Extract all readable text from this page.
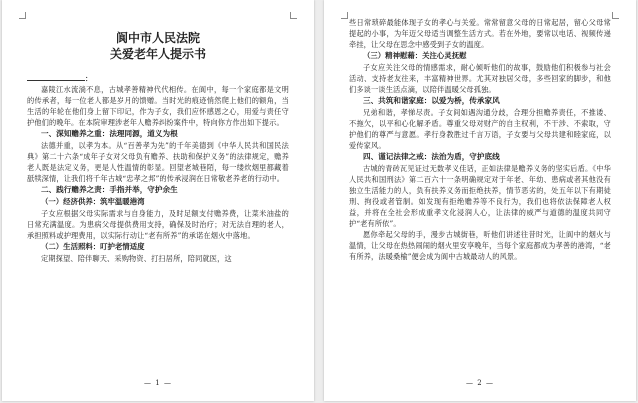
阆中市人民法院

关爱老年人提示书

：

嘉陵江水流淌不息，古城孝善精神代代相传。在阆中，每一个家庭都是文明的传承者，每一位老人都是岁月的馈赠。当时光的痕迹悄然爬上他们的额角，当生活的年轮在他们身上留下印记，作为子女，我们应怀感恩之心，用爱与责任守护他们的晚年。在本院审理涉老年人赡养纠纷案件中，特向你方作出如下提示。

一、深知赡养之重：法理同源，道义为根

法德并重，以孝为本。从“百善孝为先”的千年美德到《中华人民共和国民法典》第二十六条“成年子女对父母负有赡养、扶助和保护义务”的法律规定，赡养老人既是法定义务，更是人性温情的彰显。回望老城巷陌，每一缕炊烟里都藏着舐犊深情，让我们将千年古城“忠孝之邦”的传承浸润在日常敬老养老的行动中。

二、践行赡养之责：手指并举，守护余生

（一）经济供养：筑牢温暖港湾

子女应根据父母实际需求与自身能力，及时足额支付赡养费，让菜米油盐的日常充满温度。为患病父母提供费用支持，确保及时治疗；对无法自理的老人，承担照料或护理费用，以实际行动让“老有所养”的承诺在烟火中落地。

（二）生活照料：叮护老情适度

定期探望、陪伴聊天、采购物资、打扫居所，陪同就医，这

— 1 —

些日常琐碎最能体现子女的孝心与关爱。常常留意父母的日常起居，留心父母常提起的小事，为年迈父母适当调整生活方式。若在外地，要常以电话、视频传递牵挂，让父母在思念中感受到子女的温度。

（三）精神慰藉：关注心灵抚慰

子女应关注父母的情感需求，耐心倾听他们的故事，鼓励他们积极参与社会活动、支持老友往来，丰富精神世界。尤其对独居父母，多些回家的脚步，和他们多谈一谈生活点滴，以陪伴温暖父母孤独。

三、共筑和谐家庭：以爱为桥，传承家风

兄弟和谐，孝悌尽责。子女间如遇沟通分歧，合理分担赡养责任，不推诿、不拖欠，以平和心化解矛盾。尊重父母对财产的自主权利，不干涉、不索取，守护他们的尊严与意愿。孝行身教胜过千言万语，子女要与父母共建和睦家庭，以爱传家风。

四、谨记法律之戒：法治为盾，守护底线

古城的青砖瓦见证过无数孝义佳话，正如法律是赡养义务的坚实后盾。《中华人民共和国刑法》第二百六十一条明确规定对于年老、年幼、患病或者其他没有独立生活能力的人，负有扶养义务而拒绝扶养，情节恶劣的，处五年以下有期徒刑、拘役或者管制。如发现有拒绝赡养等不良行为，我们也将依法保障老人权益，并将在全社会形成重孝文化浸润人心，让法律的威严与道德的温度共同守护“老有所依”。

愿你牵起父母的手，漫步古城街巷，听他们讲述往昔时光，让阆中的烟火与温情，让父母在热热闹闹的烟火里安享晚年，当每个家庭都成为孝善的港湾，“老有所养，法暖桑榆”便会成为阆中古城最动人的风景。

— 2 —
